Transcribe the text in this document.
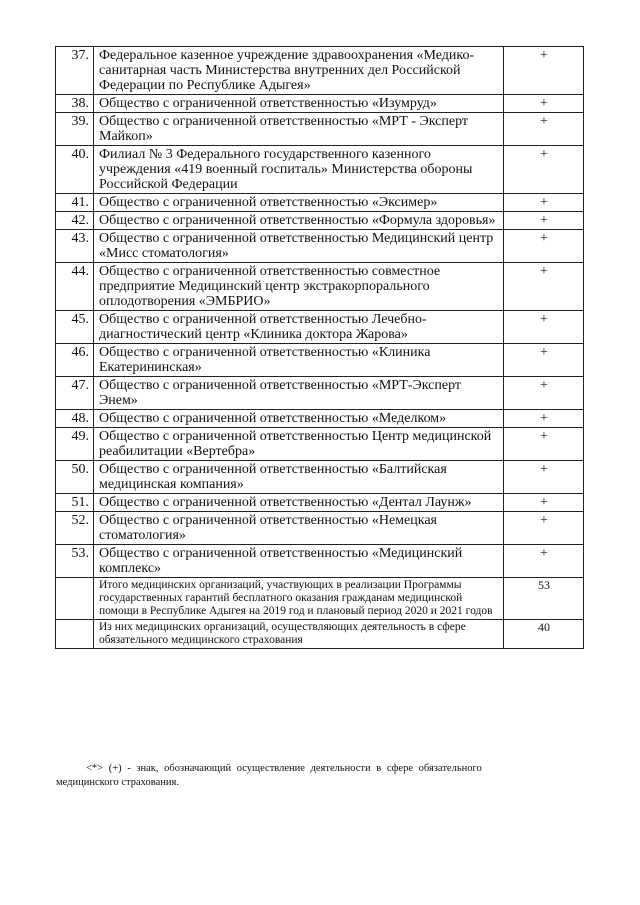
37.	Федеральное казенное учреждение здравоохранения «Медико-санитарная часть Министерства внутренних дел Российской Федерации по Республике Адыгея»	+
38.	Общество с ограниченной ответственностью «Изумруд»	+
39.	Общество с ограниченной ответственностью «МРТ - Эксперт Майкоп»	+
40.	Филиал № 3 Федерального государственного казенного учреждения «419 военный госпиталь» Министерства обороны Российской Федерации	+
41.	Общество с ограниченной ответственностью «Эксимер»	+
42.	Общество с ограниченной ответственностью «Формула здоровья»	+
43.	Общество с ограниченной ответственностью Медицинский центр «Мисс стоматология»	+
44.	Общество с ограниченной ответственностью совместное предприятие Медицинский центр экстракорпорального оплодотворения «ЭМБРИО»	+
45.	Общество с ограниченной ответственностью Лечебно-диагностический центр «Клиника доктора Жарова»	+
46.	Общество с ограниченной ответственностью «Клиника Екатерининская»	+
47.	Общество с ограниченной ответственностью «МРТ-Эксперт Энем»	+
48.	Общество с ограниченной ответственностью «Меделком»	+
49.	Общество с ограниченной ответственностью Центр медицинской реабилитации «Вертебра»	+
50.	Общество с ограниченной ответственностью «Балтийская медицинская компания»	+
51.	Общество с ограниченной ответственностью «Дентал Лаунж»	+
52.	Общество с ограниченной ответственностью «Немецкая стоматология»	+
53.	Общество с ограниченной ответственностью «Медицинский комплекс»	+
	Итого медицинских организаций, участвующих в реализации Программы государственных гарантий бесплатного оказания гражданам медицинской помощи в Республике Адыгея на 2019 год и плановый период 2020 и 2021 годов	53
	Из них медицинских организаций, осуществляющих деятельность в сфере обязательного медицинского страхования	40
<*> (+) - знак, обозначающий осуществление деятельности в сфере обязательного
медицинского страхования.
